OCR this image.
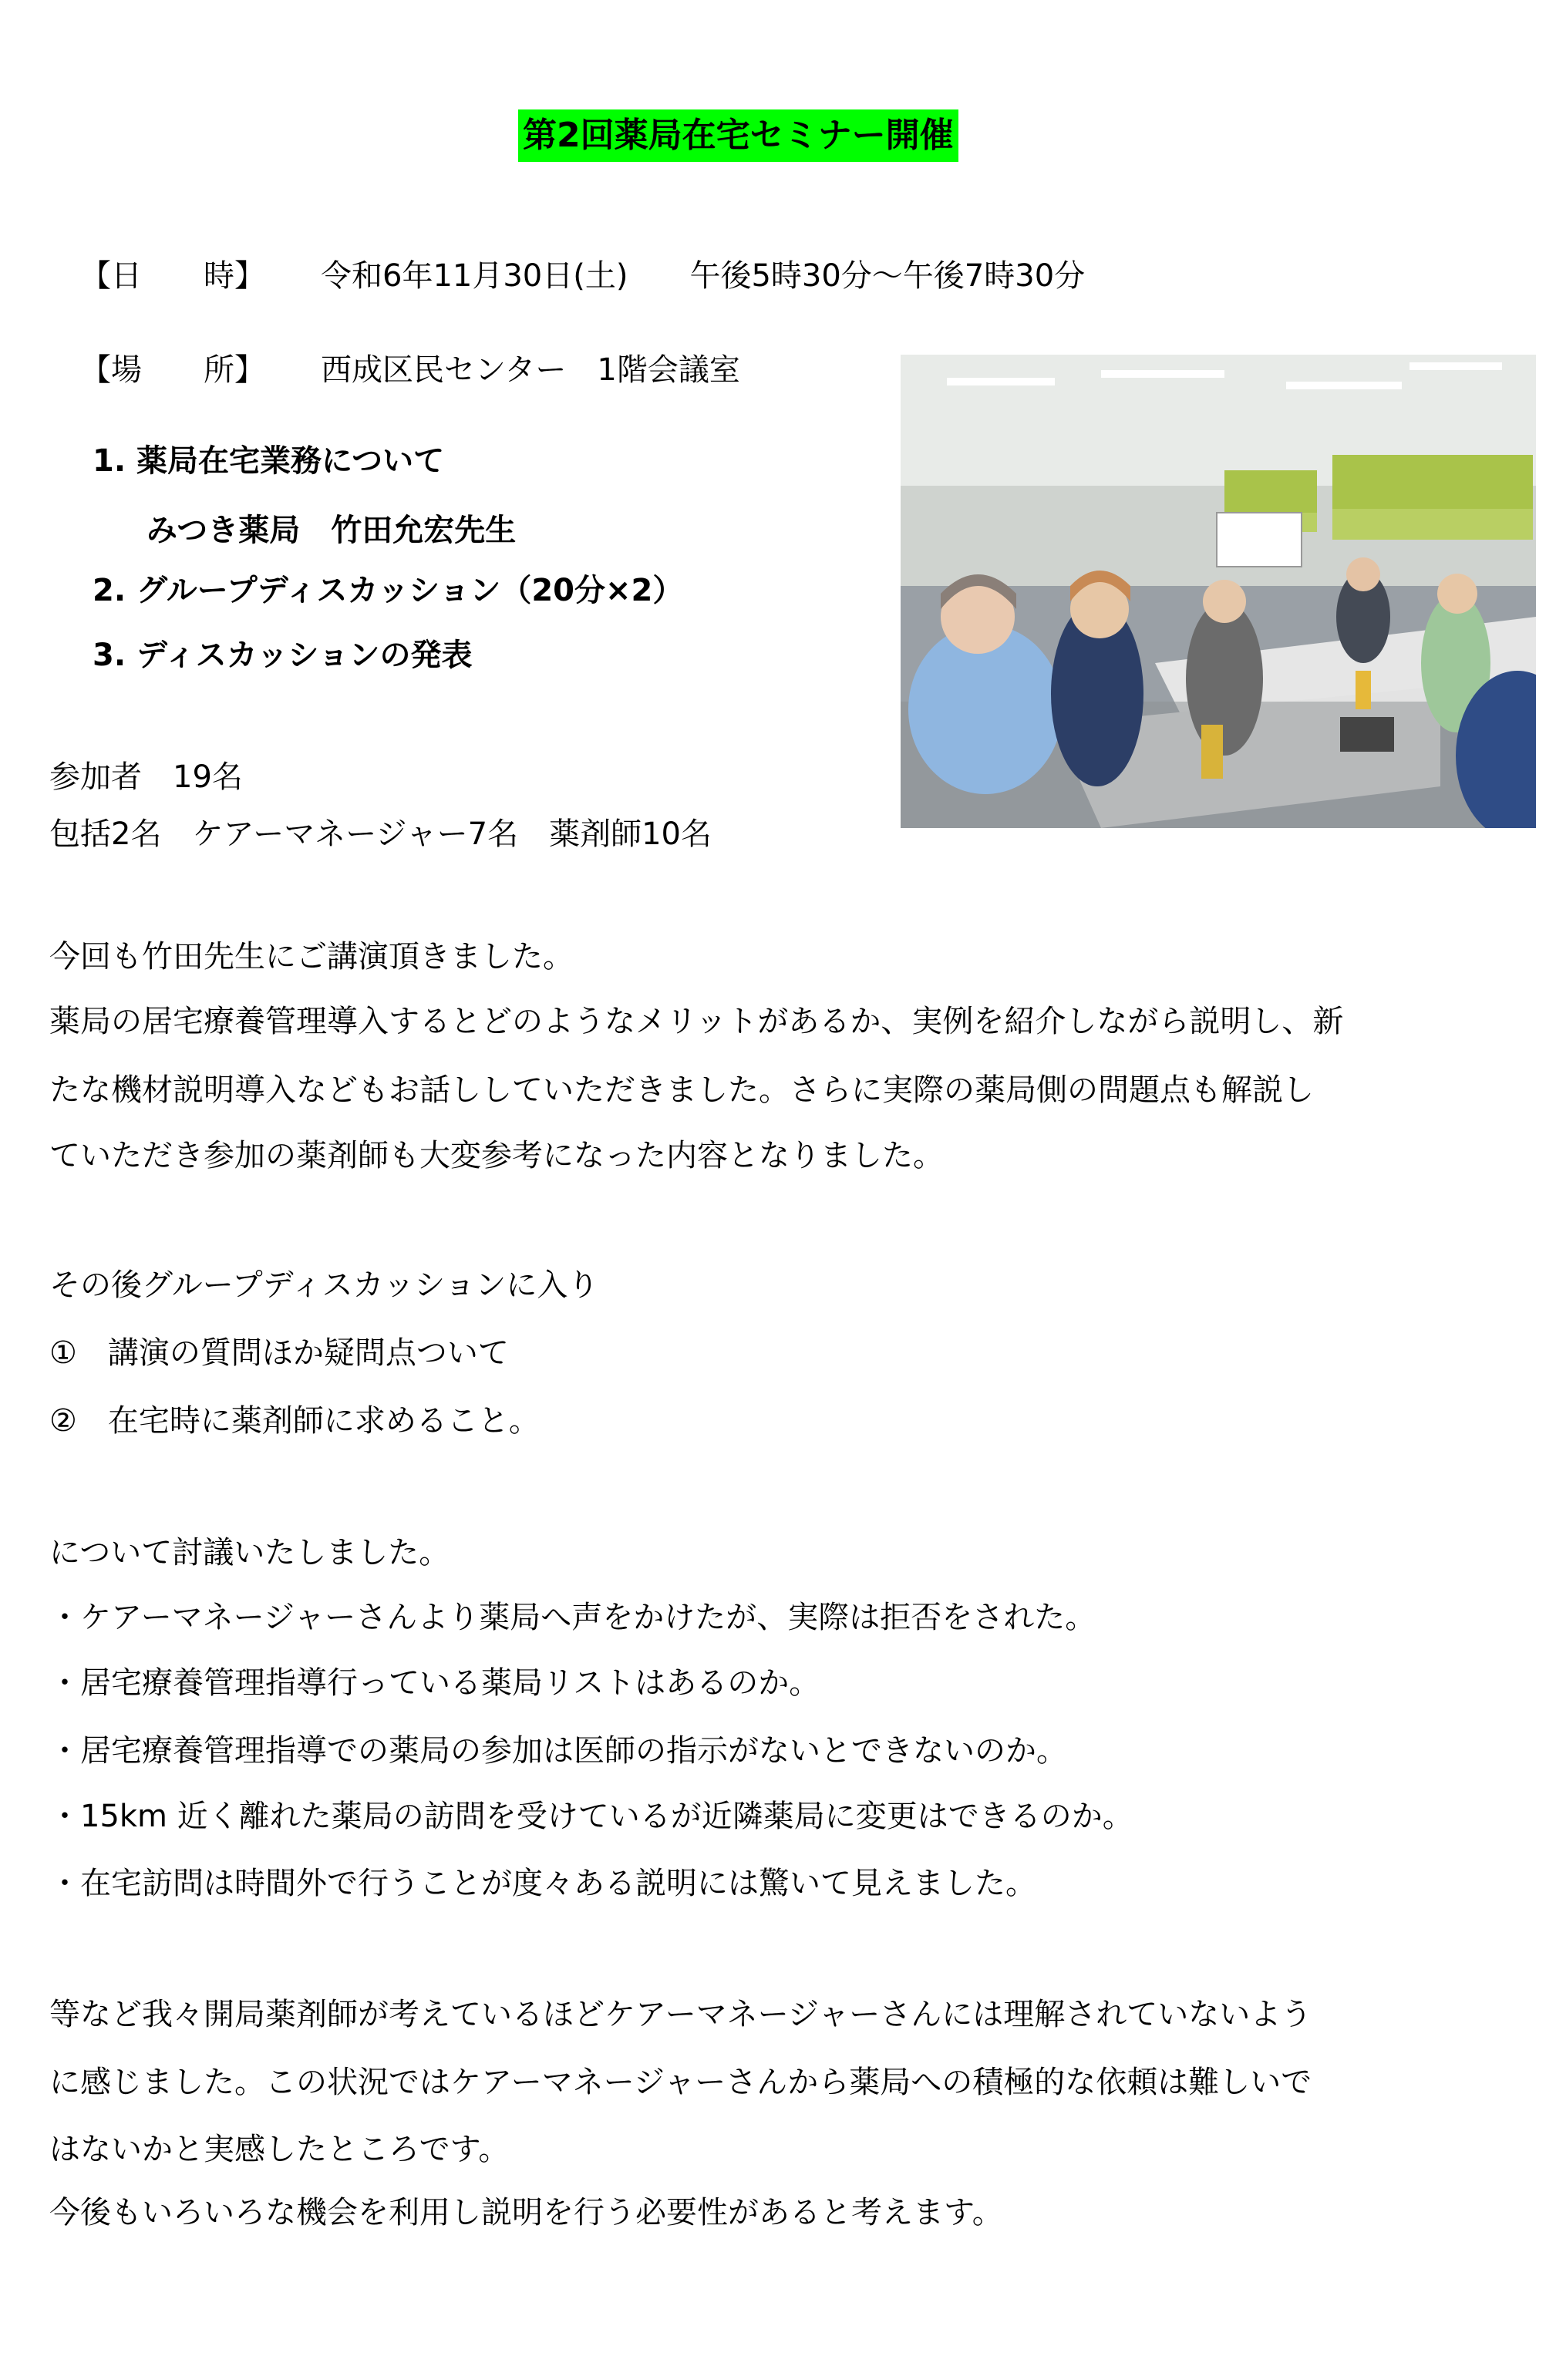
第2回薬局在宅セミナー開催
【日　　時】 令和6年11月30日(土)　　午後5時30分～午後7時30分
【場　　所】 西成区民センター　1階会議室
1. 薬局在宅業務について
みつき薬局　竹田允宏先生
2. グループディスカッション（20分×2）
3. ディスカッションの発表
参加者　19名
包括2名　ケアーマネージャー7名　薬剤師10名
今回も竹田先生にご講演頂きました。
薬局の居宅療養管理導入するとどのようなメリットがあるか、実例を紹介しながら説明し、新
たな機材説明導入などもお話ししていただきました。さらに実際の薬局側の問題点も解説し
ていただき参加の薬剤師も大変参考になった内容となりました。
その後グループディスカッションに入り
①　講演の質問ほか疑問点ついて
②　在宅時に薬剤師に求めること。
について討議いたしました。
・ケアーマネージャーさんより薬局へ声をかけたが、実際は拒否をされた。
・居宅療養管理指導行っている薬局リストはあるのか。
・居宅療養管理指導での薬局の参加は医師の指示がないとできないのか。
・15km 近く離れた薬局の訪問を受けているが近隣薬局に変更はできるのか。
・在宅訪問は時間外で行うことが度々ある説明には驚いて見えました。
等など我々開局薬剤師が考えているほどケアーマネージャーさんには理解されていないよう
に感じました。この状況ではケアーマネージャーさんから薬局への積極的な依頼は難しいで
はないかと実感したところです。
今後もいろいろな機会を利用し説明を行う必要性があると考えます。
